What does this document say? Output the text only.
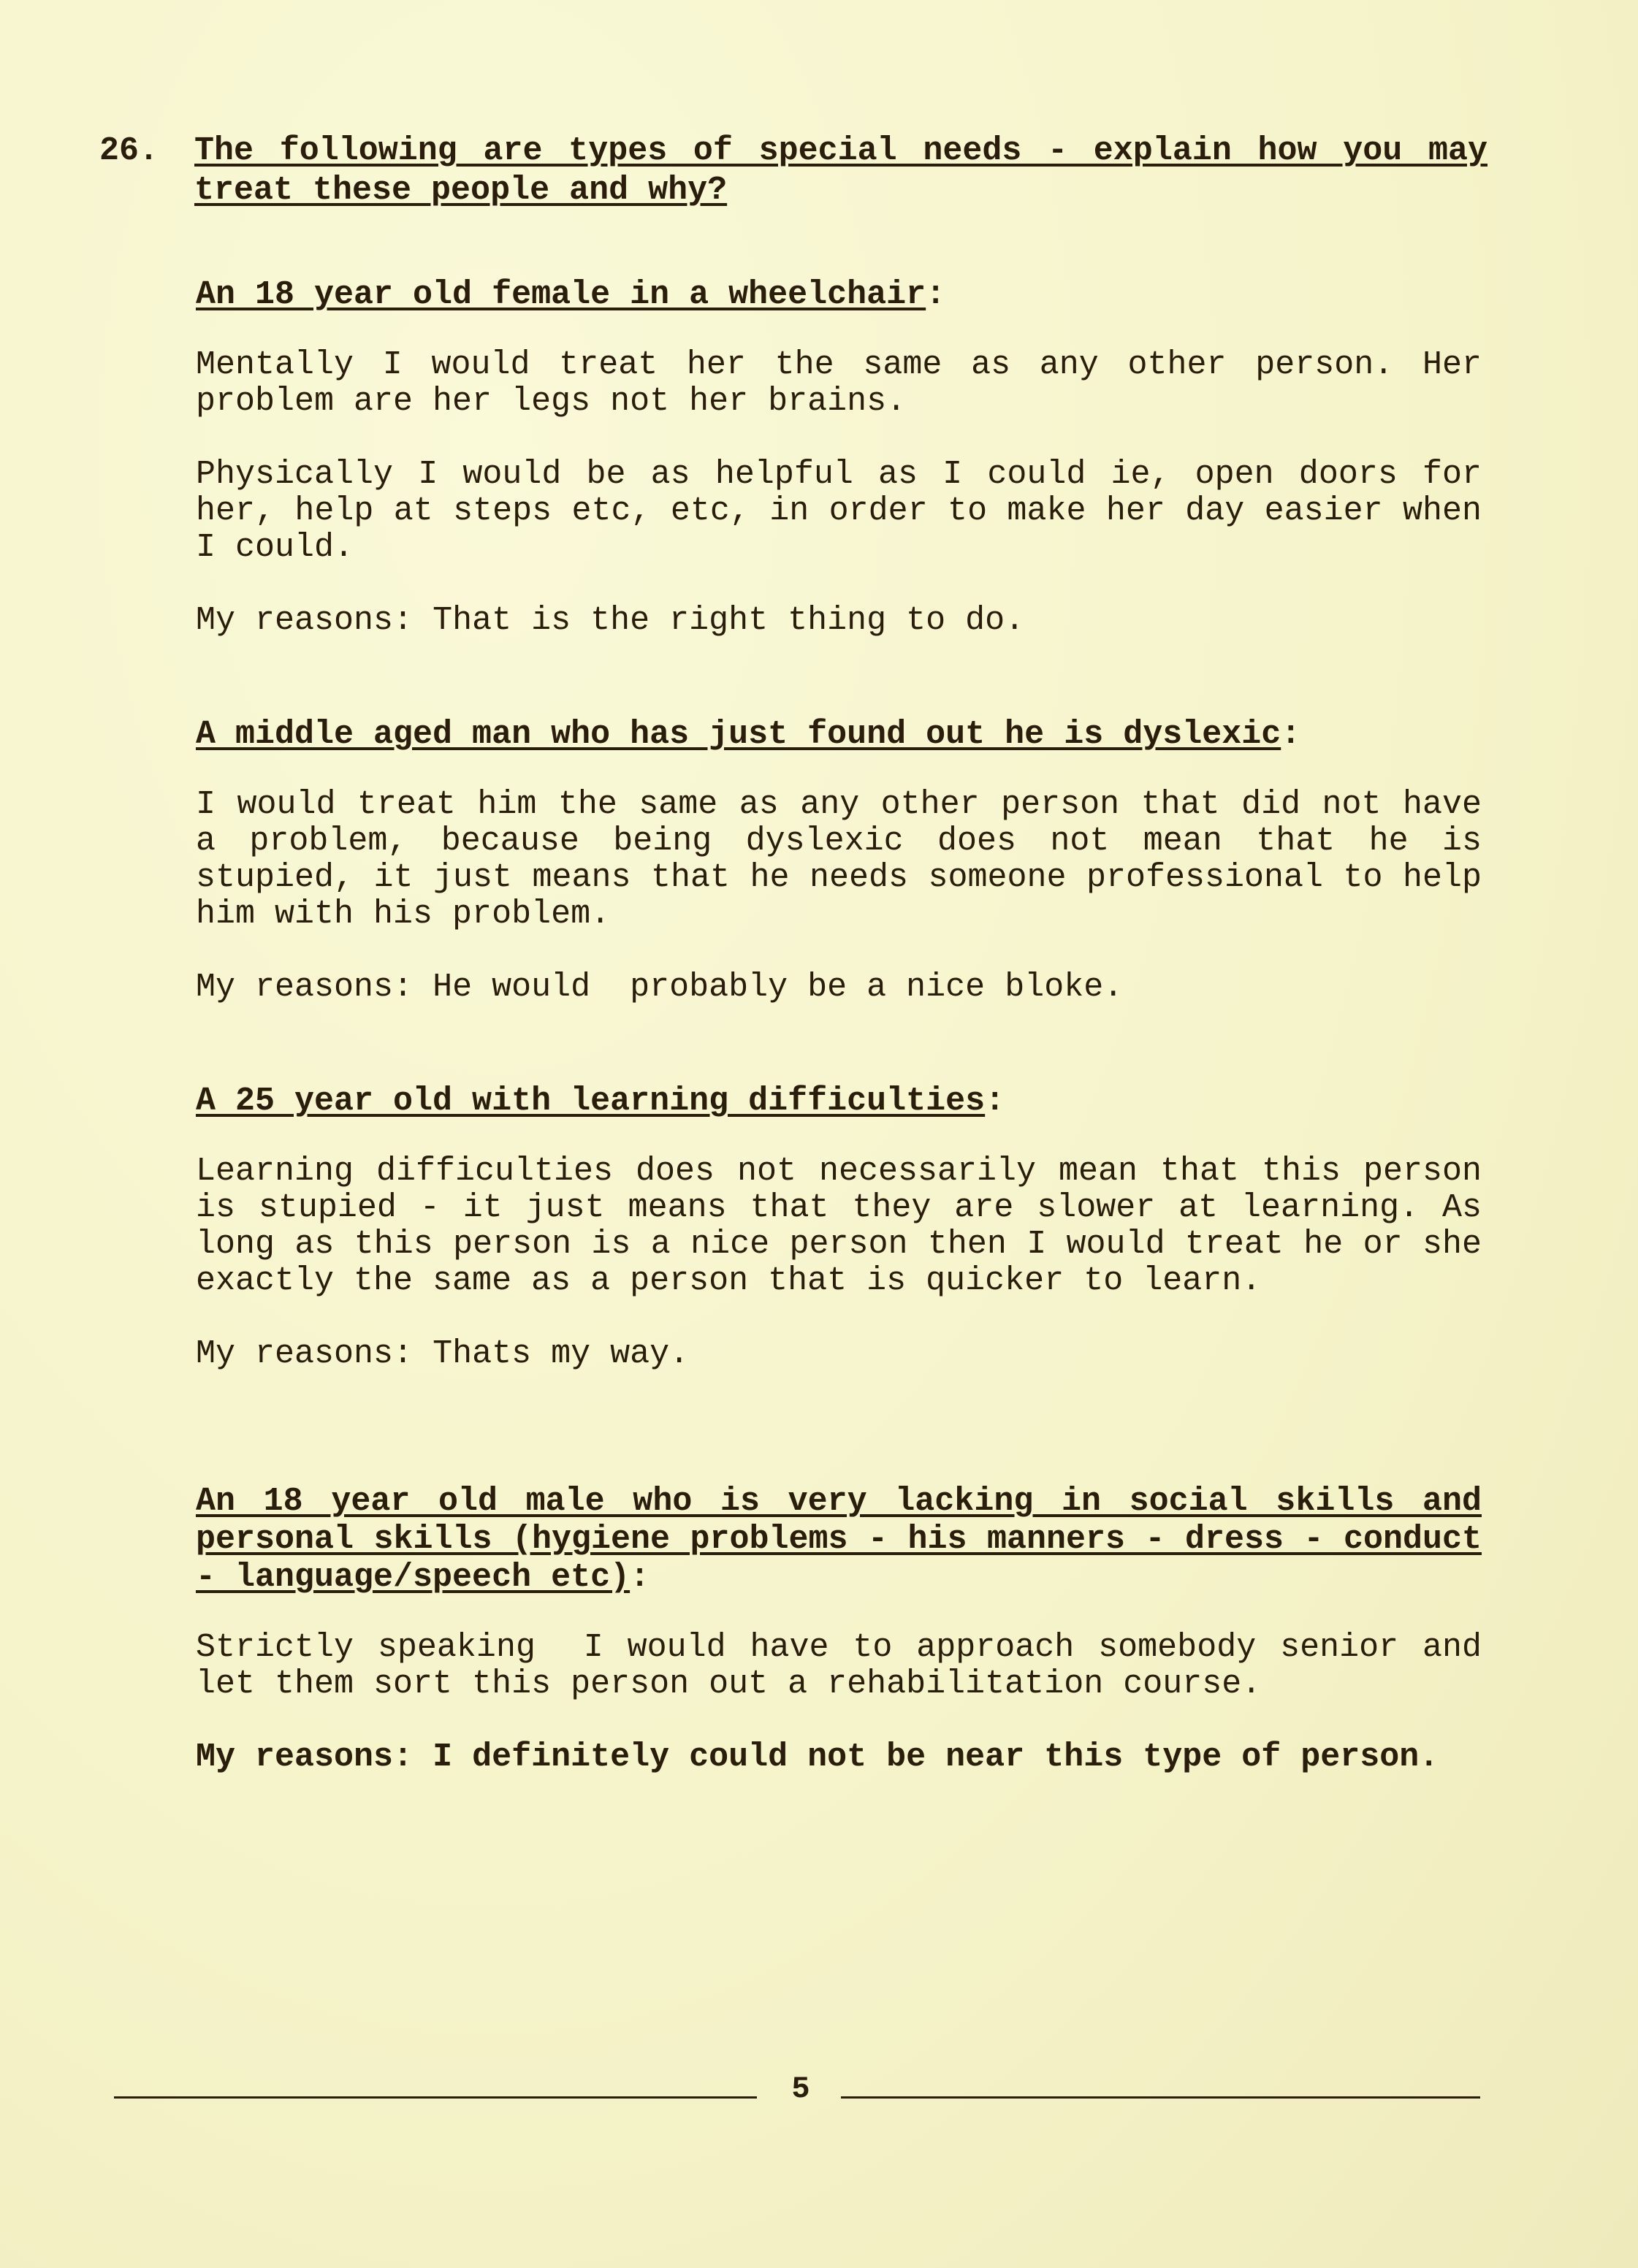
26.	The following are types of special needs - explain how you may treat these people and why?
An 18 year old female in a wheelchair:
Mentally I would treat her the same as any other person. Her problem are her legs not her brains.
Physically I would be as helpful as I could ie, open doors for her, help at steps etc, etc, in order to make her day easier when I could.
My reasons: That is the right thing to do.
A middle aged man who has just found out he is dyslexic:
I would treat him the same as any other person that did not have a problem, because being dyslexic does not mean that he is stupied, it just means that he needs someone professional to help him with his problem.
My reasons: He would  probably be a nice bloke.
A 25 year old with learning difficulties:
Learning difficulties does not necessarily mean that this person is stupied - it just means that they are slower at learning. As long as this person is a nice person then I would treat he or she exactly the same as a person that is quicker to learn.
My reasons: Thats my way.
An 18 year old male who is very lacking in social skills and personal skills (hygiene problems - his manners - dress - conduct - language/speech etc):
Strictly speaking  I would have to approach somebody senior and let them sort this person out a rehabilitation course.
My reasons: I definitely could not be near this type of person.
5
